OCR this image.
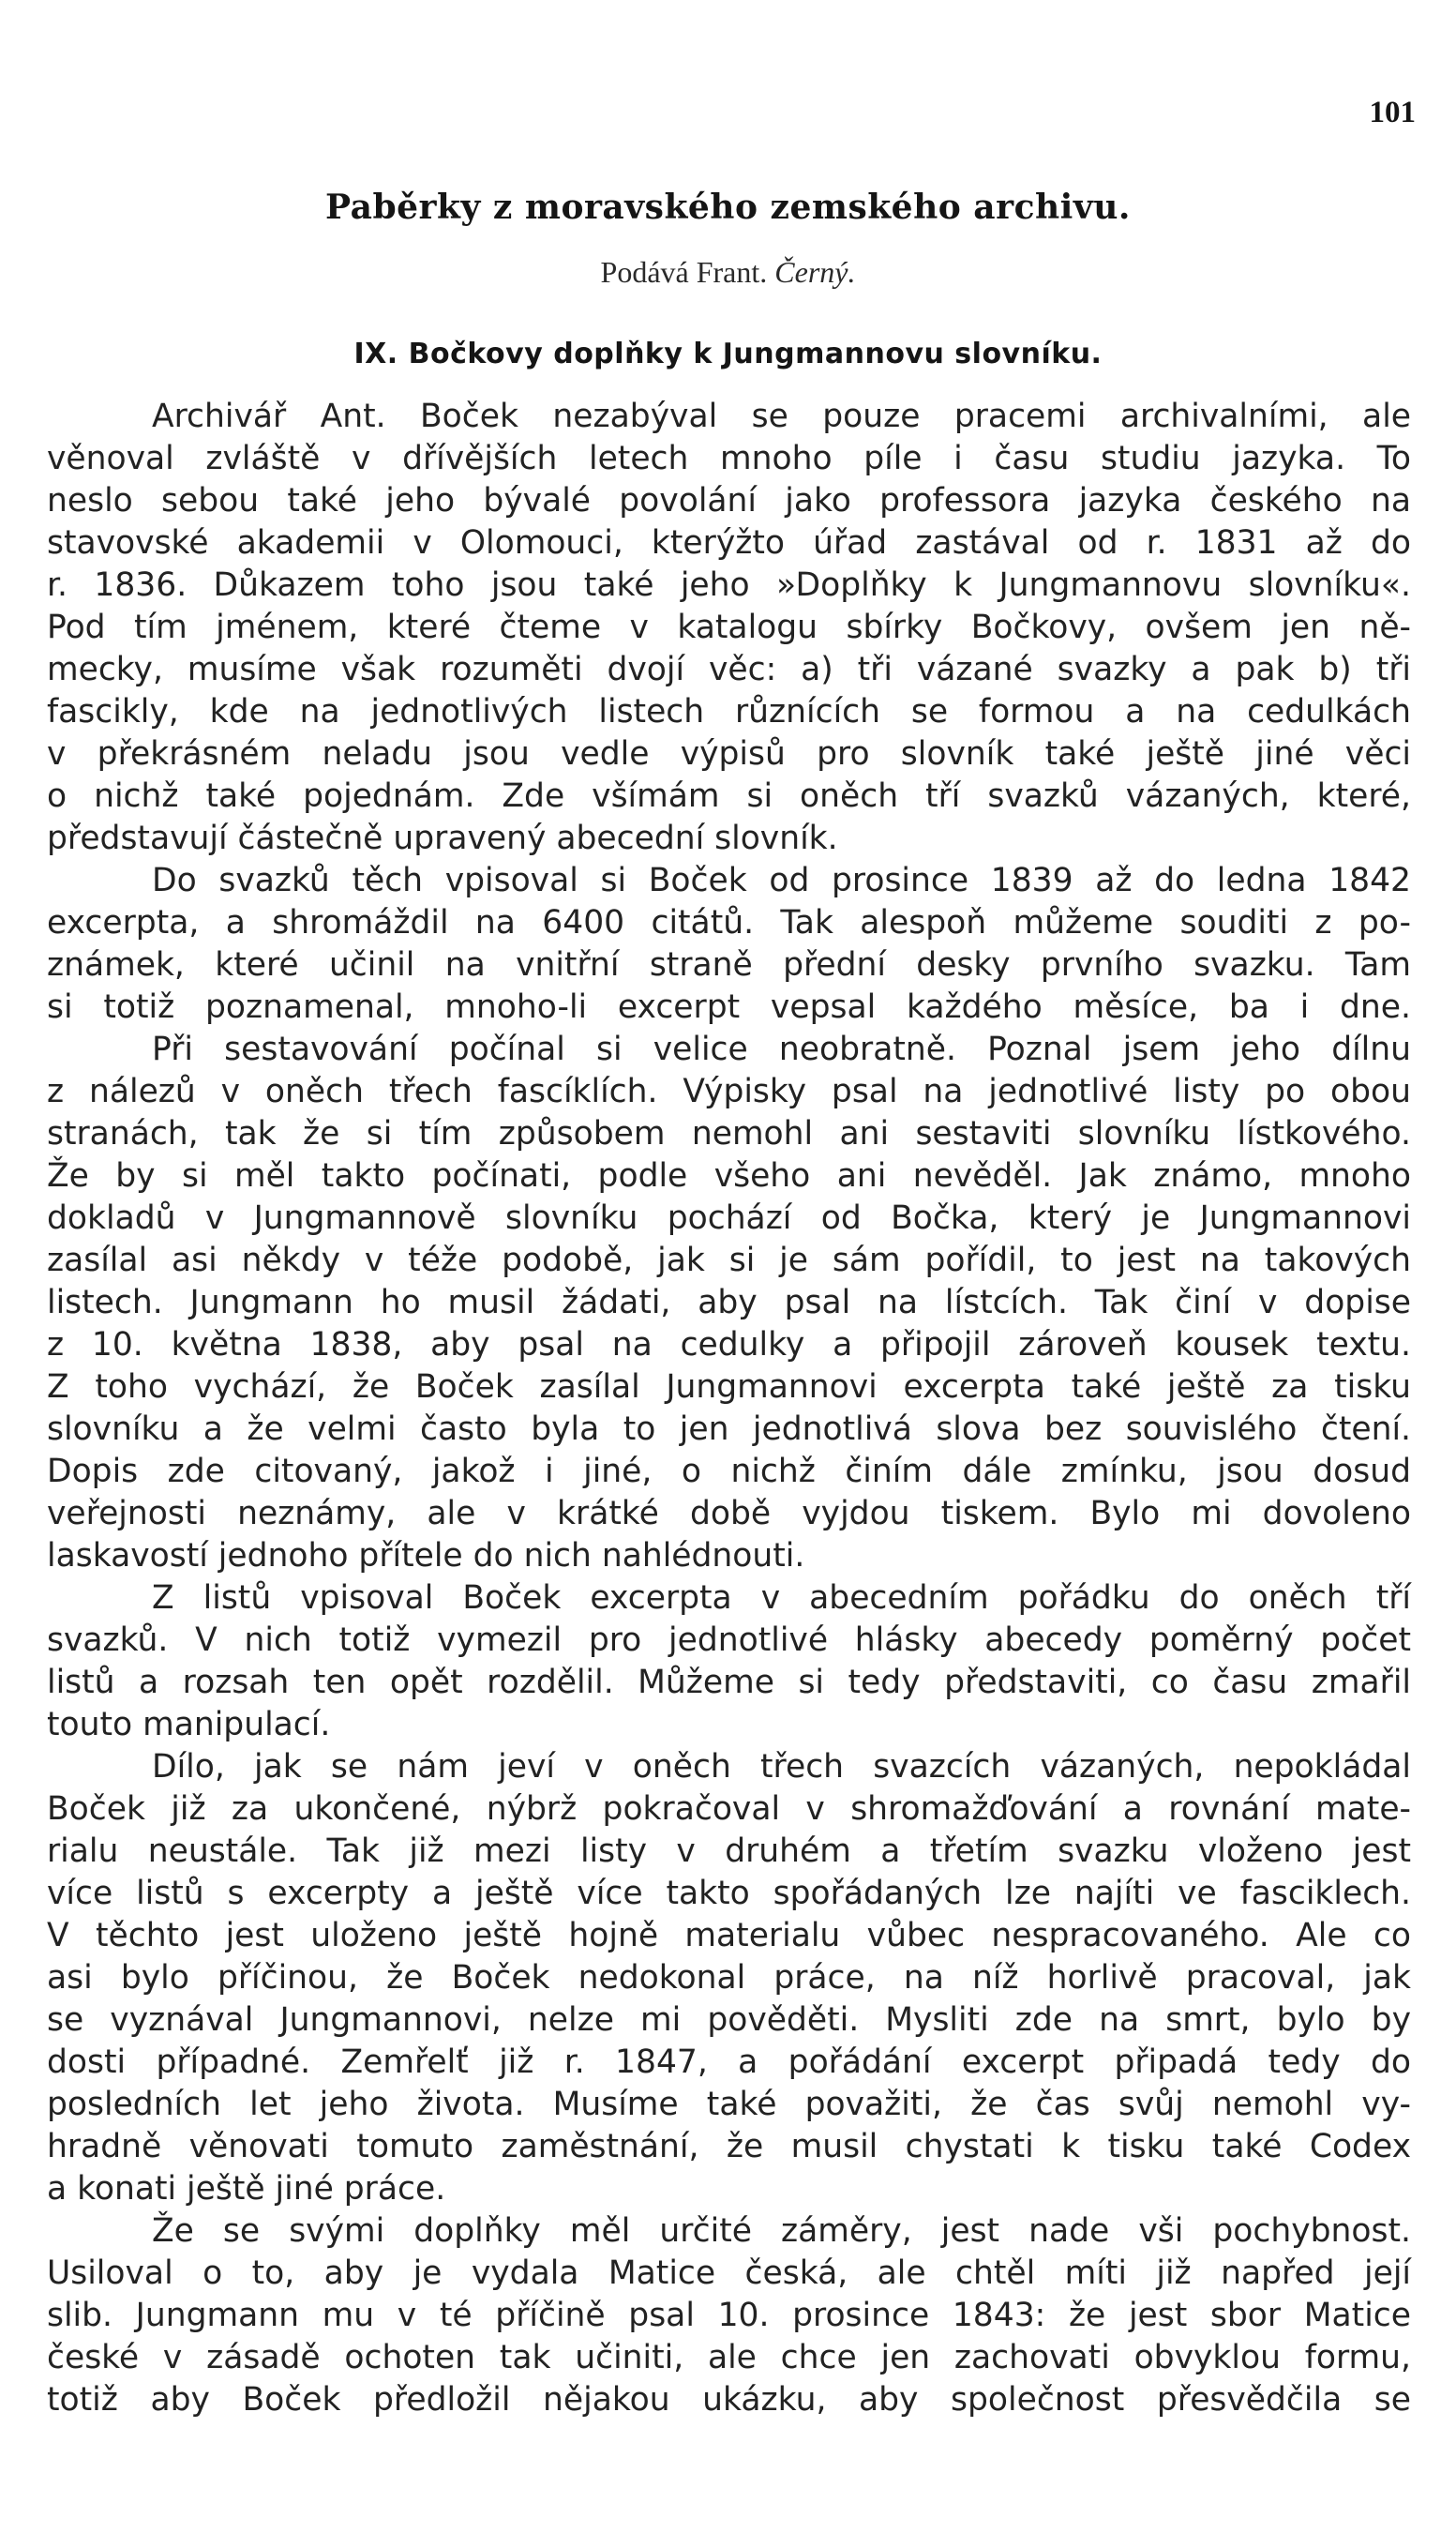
101
Paběrky z moravského zemského archivu.
Podává Frant. Černý.
IX. Bočkovy doplňky k Jungmannovu slovníku.
Archivář Ant. Boček nezabýval se pouze pracemi archivalními, ale
věnoval zvláště v dřívějších letech mnoho píle i času studiu jazyka. To
neslo sebou také jeho bývalé povolání jako professora jazyka českého na
stavovské akademii v Olomouci, kterýžto úřad zastával od r. 1831 až do
r. 1836. Důkazem toho jsou také jeho »Doplňky k Jungmannovu slovníku«.
Pod tím jménem, které čteme v katalogu sbírky Bočkovy, ovšem jen ně-
mecky, musíme však rozuměti dvojí věc: a) tři vázané svazky a pak b) tři
fascikly, kde na jednotlivých listech různících se formou a na cedulkách
v překrásném neladu jsou vedle výpisů pro slovník také ještě jiné věci
o nichž také pojednám. Zde všímám si oněch tří svazků vázaných, které,
představují částečně upravený abecední slovník.
Do svazků těch vpisoval si Boček od prosince 1839 až do ledna 1842
excerpta, a shromáždil na 6400 citátů. Tak alespoň můžeme souditi z po-
známek, které učinil na vnitřní straně přední desky prvního svazku. Tam
si totiž poznamenal, mnoho-li excerpt vepsal každého měsíce, ba i dne.
Při sestavování počínal si velice neobratně. Poznal jsem jeho dílnu
z nálezů v oněch třech fascíklích. Výpisky psal na jednotlivé listy po obou
stranách, tak že si tím způsobem nemohl ani sestaviti slovníku lístkového.
Že by si měl takto počínati, podle všeho ani nevěděl. Jak známo, mnoho
dokladů v Jungmannově slovníku pochází od Bočka, který je Jungmannovi
zasílal asi někdy v téže podobě, jak si je sám pořídil, to jest na takových
listech. Jungmann ho musil žádati, aby psal na lístcích. Tak činí v dopise
z 10. května 1838, aby psal na cedulky a připojil zároveň kousek textu.
Z toho vychází, že Boček zasílal Jungmannovi excerpta také ještě za tisku
slovníku a že velmi často byla to jen jednotlivá slova bez souvislého čtení.
Dopis zde citovaný, jakož i jiné, o nichž činím dále zmínku, jsou dosud
veřejnosti neznámy, ale v krátké době vyjdou tiskem. Bylo mi dovoleno
laskavostí jednoho přítele do nich nahlédnouti.
Z listů vpisoval Boček excerpta v abecedním pořádku do oněch tří
svazků. V nich totiž vymezil pro jednotlivé hlásky abecedy poměrný počet
listů a rozsah ten opět rozdělil. Můžeme si tedy představiti, co času zmařil
touto manipulací.
Dílo, jak se nám jeví v oněch třech svazcích vázaných, nepokládal
Boček již za ukončené, nýbrž pokračoval v shromažďování a rovnání mate-
rialu neustále. Tak již mezi listy v druhém a třetím svazku vloženo jest
více listů s excerpty a ještě více takto spořádaných lze najíti ve fasciklech.
V těchto jest uloženo ještě hojně materialu vůbec nespracovaného. Ale co
asi bylo příčinou, že Boček nedokonal práce, na níž horlivě pracoval, jak
se vyznával Jungmannovi, nelze mi pověděti. Mysliti zde na smrt, bylo by
dosti případné. Zemřelť již r. 1847, a pořádání excerpt připadá tedy do
posledních let jeho života. Musíme také považiti, že čas svůj nemohl vy-
hradně věnovati tomuto zaměstnání, že musil chystati k tisku také Codex
a konati ještě jiné práce.
Že se svými doplňky měl určité záměry, jest nade vši pochybnost.
Usiloval o to, aby je vydala Matice česká, ale chtěl míti již napřed její
slib. Jungmann mu v té příčině psal 10. prosince 1843: že jest sbor Matice
české v zásadě ochoten tak učiniti, ale chce jen zachovati obvyklou formu,
totiž aby Boček předložil nějakou ukázku, aby společnost přesvědčila se
